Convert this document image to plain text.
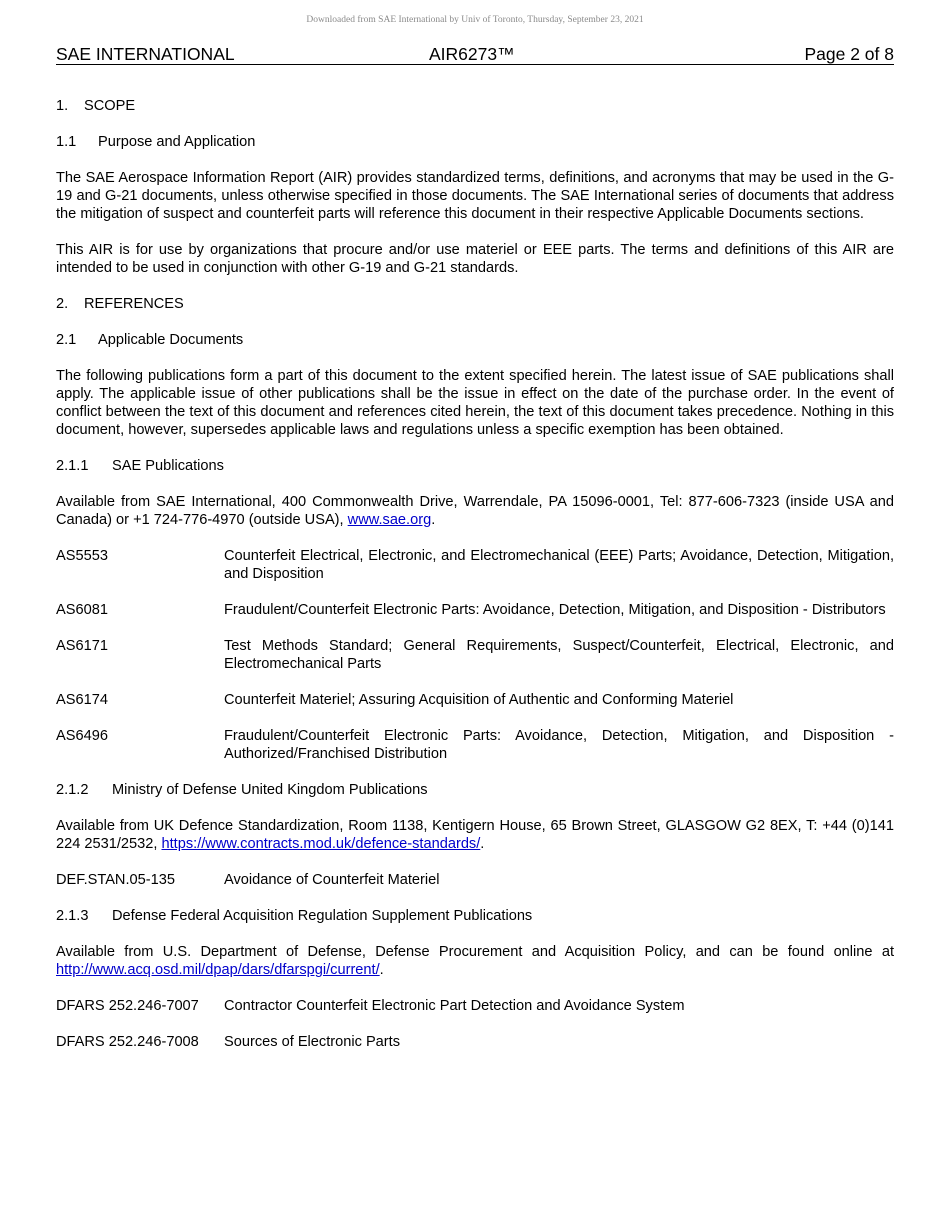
Downloaded from SAE International by Univ of Toronto, Thursday, September 23, 2021
SAE INTERNATIONAL	AIR6273™	Page 2 of 8
1. SCOPE
1.1 Purpose and Application

The SAE Aerospace Information Report (AIR) provides standardized terms, definitions, and acronyms that may be used in the G-19 and G-21 documents, unless otherwise specified in those documents. The SAE International series of documents that address the mitigation of suspect and counterfeit parts will reference this document in their respective Applicable Documents sections.

This AIR is for use by organizations that procure and/or use materiel or EEE parts. The terms and definitions of this AIR are intended to be used in conjunction with other G-19 and G-21 standards.

2. REFERENCES
2.1 Applicable Documents

The following publications form a part of this document to the extent specified herein. The latest issue of SAE publications shall apply. The applicable issue of other publications shall be the issue in effect on the date of the purchase order. In the event of conflict between the text of this document and references cited herein, the text of this document takes precedence. Nothing in this document, however, supersedes applicable laws and regulations unless a specific exemption has been obtained.

2.1.1 SAE Publications

Available from SAE International, 400 Commonwealth Drive, Warrendale, PA 15096-0001, Tel: 877-606-7323 (inside USA and Canada) or +1 724-776-4970 (outside USA), www.sae.org.

AS5553	Counterfeit Electrical, Electronic, and Electromechanical (EEE) Parts; Avoidance, Detection, Mitigation, and Disposition
AS6081	Fraudulent/Counterfeit Electronic Parts: Avoidance, Detection, Mitigation, and Disposition - Distributors
AS6171	Test Methods Standard; General Requirements, Suspect/Counterfeit, Electrical, Electronic, and Electromechanical Parts
AS6174	Counterfeit Materiel; Assuring Acquisition of Authentic and Conforming Materiel
AS6496	Fraudulent/Counterfeit Electronic Parts: Avoidance, Detection, Mitigation, and Disposition - Authorized/Franchised Distribution
2.1.2 Ministry of Defense United Kingdom Publications

Available from UK Defence Standardization, Room 1138, Kentigern House, 65 Brown Street, GLASGOW G2 8EX, T: +44 (0)141 224 2531/2532, https://www.contracts.mod.uk/defence-standards/.

DEF.STAN.05-135	Avoidance of Counterfeit Materiel
2.1.3 Defense Federal Acquisition Regulation Supplement Publications

Available from U.S. Department of Defense, Defense Procurement and Acquisition Policy, and can be found online at http://www.acq.osd.mil/dpap/dars/dfarspgi/current/.

DFARS 252.246-7007	Contractor Counterfeit Electronic Part Detection and Avoidance System
DFARS 252.246-7008	Sources of Electronic Parts
